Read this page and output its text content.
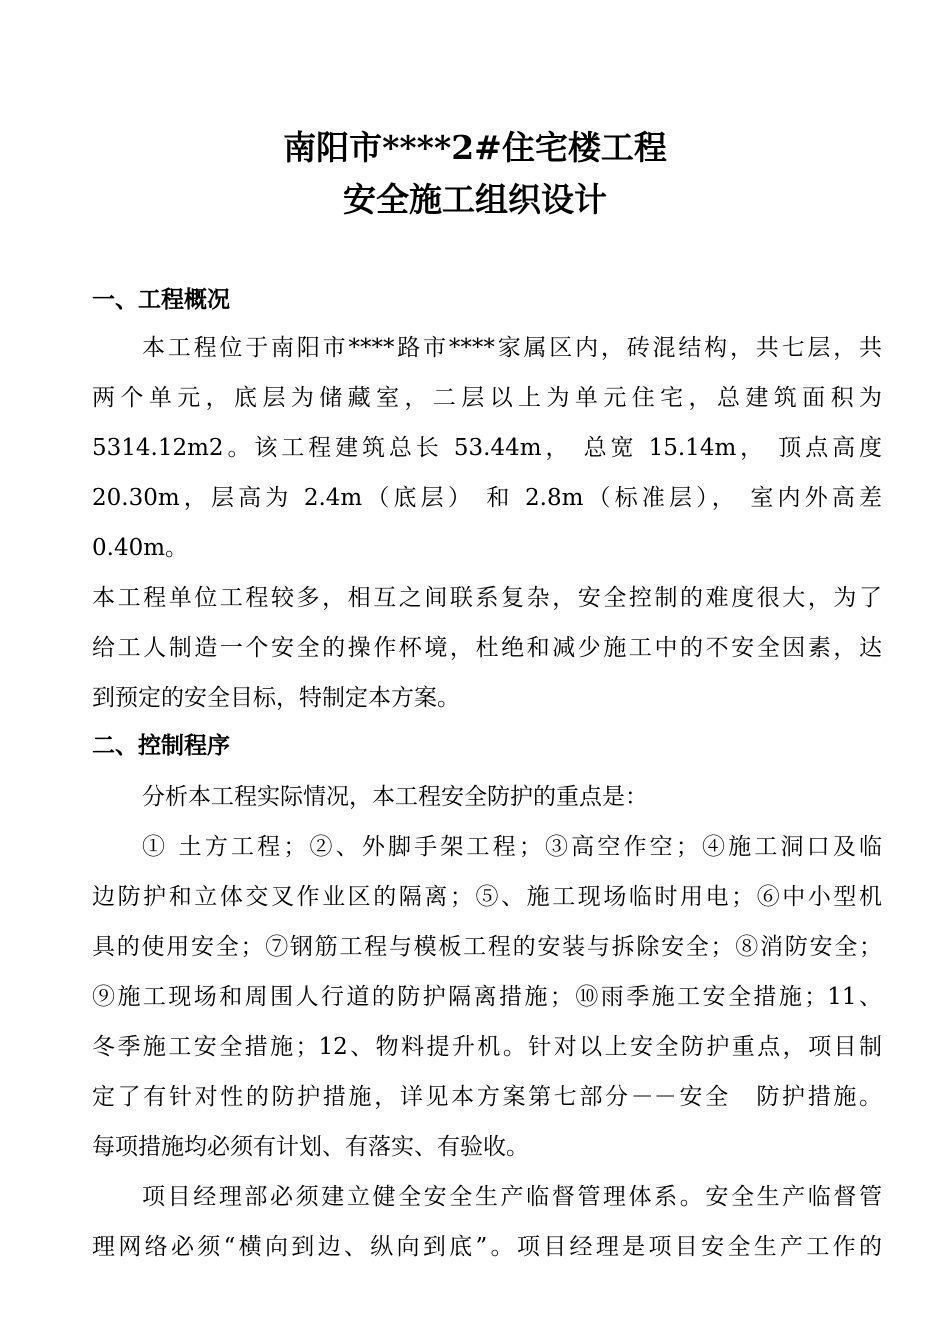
南阳市****2#住宅楼工程
安全施工组织设计
一、工程概况
本工程位于南阳市****路市****家属区内，砖混结构，共七层，共
两个单元，底层为储藏室，二层以上为单元住宅，总建筑面积为
5314.12m2。该工程建筑总长 53.44m， 总宽 15.14m， 顶点高度
20.30m，层高为 2.4m（底层） 和 2.8m（标准层）， 室内外高差
0.40m。
本工程单位工程较多，相互之间联系复杂，安全控制的难度很大，为了
给工人制造一个安全的操作杯境，杜绝和减少施工中的不安全因素，达
到预定的安全目标，特制定本方案。
二、控制程序
分析本工程实际情况，本工程安全防护的重点是：
① 土方工程；②、外脚手架工程；③高空作空；④施工洞口及临
边防护和立体交叉作业区的隔离；⑤、施工现场临时用电；⑥中小型机
具的使用安全；⑦钢筋工程与模板工程的安装与拆除安全；⑧消防安全；
⑨施工现场和周围人行道的防护隔离措施；⑩雨季施工安全措施；11、
冬季施工安全措施；12、物料提升机。针对以上安全防护重点，项目制
定了有针对性的防护措施，详见本方案第七部分－－安全　防护措施。
每项措施均必须有计划、有落实、有验收。
项目经理部必须建立健全安全生产临督管理体系。安全生产临督管
理网络必须“横向到边、纵向到底”。项目经理是项目安全生产工作的
